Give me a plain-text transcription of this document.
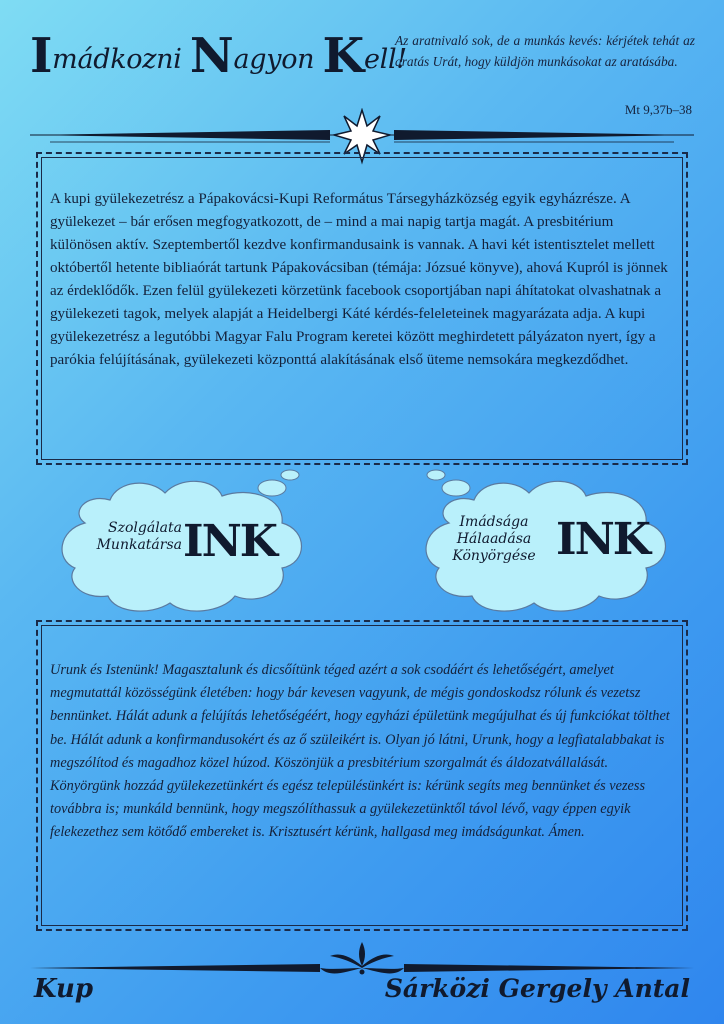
Imádkozni Nagyon Kell!
Az aratnivaló sok, de a munkás kevés: kérjétek tehát az aratás Urát, hogy küldjön munkásokat az aratásába.
Mt 9,37b–38
A kupi gyülekezetrész a Pápakovácsi-Kupi Református Társegyházközség egyik egyházrésze. A gyülekezet – bár erősen megfogyatkozott, de – mind a mai napig tartja magát. A presbitérium különösen aktív. Szeptembertől kezdve konfirmandusaink is vannak. A havi két istentisztelet mellett októbertől hetente bibliaórát tartunk Pápakovácsiban (témája: Józsué könyve), ahová Kupról is jönnek az érdeklődők. Ezen felül gyülekezeti körzetünk facebook csoportjában napi áhítatokat olvashatnak a gyülekezeti tagok, melyek alapját a Heidelbergi Káté kérdés-feleleteinek magyarázata adja. A kupi gyülekezetrész a legutóbbi Magyar Falu Program keretei között meghirdetett pályázaton nyert, így a parókia felújításának, gyülekezeti központtá alakításának első üteme nemsokára megkezdődhet.
Szolgálata
Munkatársa INK	Imádsága
Hálaadása
Könyörgése INK
Urunk és Istenünk! Magasztalunk és dicsőítünk téged azért a sok csodáért és lehetőségért, amelyet megmutattál közösségünk életében: hogy bár kevesen vagyunk, de mégis gondoskodsz rólunk és vezetsz bennünket. Hálát adunk a felújítás lehetőségéért, hogy egyházi épületünk megújulhat és új funkciókat tölthet be. Hálát adunk a konfirmandusokért és az ő szüleikért is. Olyan jó látni, Urunk, hogy a legfiatalabbakat is megszólítod és magadhoz közel húzod. Köszönjük a presbitérium szorgalmát és áldozatvállalását. Könyörgünk hozzád gyülekezetünkért és egész településünkért is: kérünk segíts meg bennünket és vezess továbbra is; munkáld bennünk, hogy megszólíthassuk a gyülekezetünktől távol lévő, vagy éppen egyik felekezethez sem kötődő embereket is. Krisztusért kérünk, hallgasd meg imádságunkat. Ámen.
Kup	Sárközi Gergely Antal
